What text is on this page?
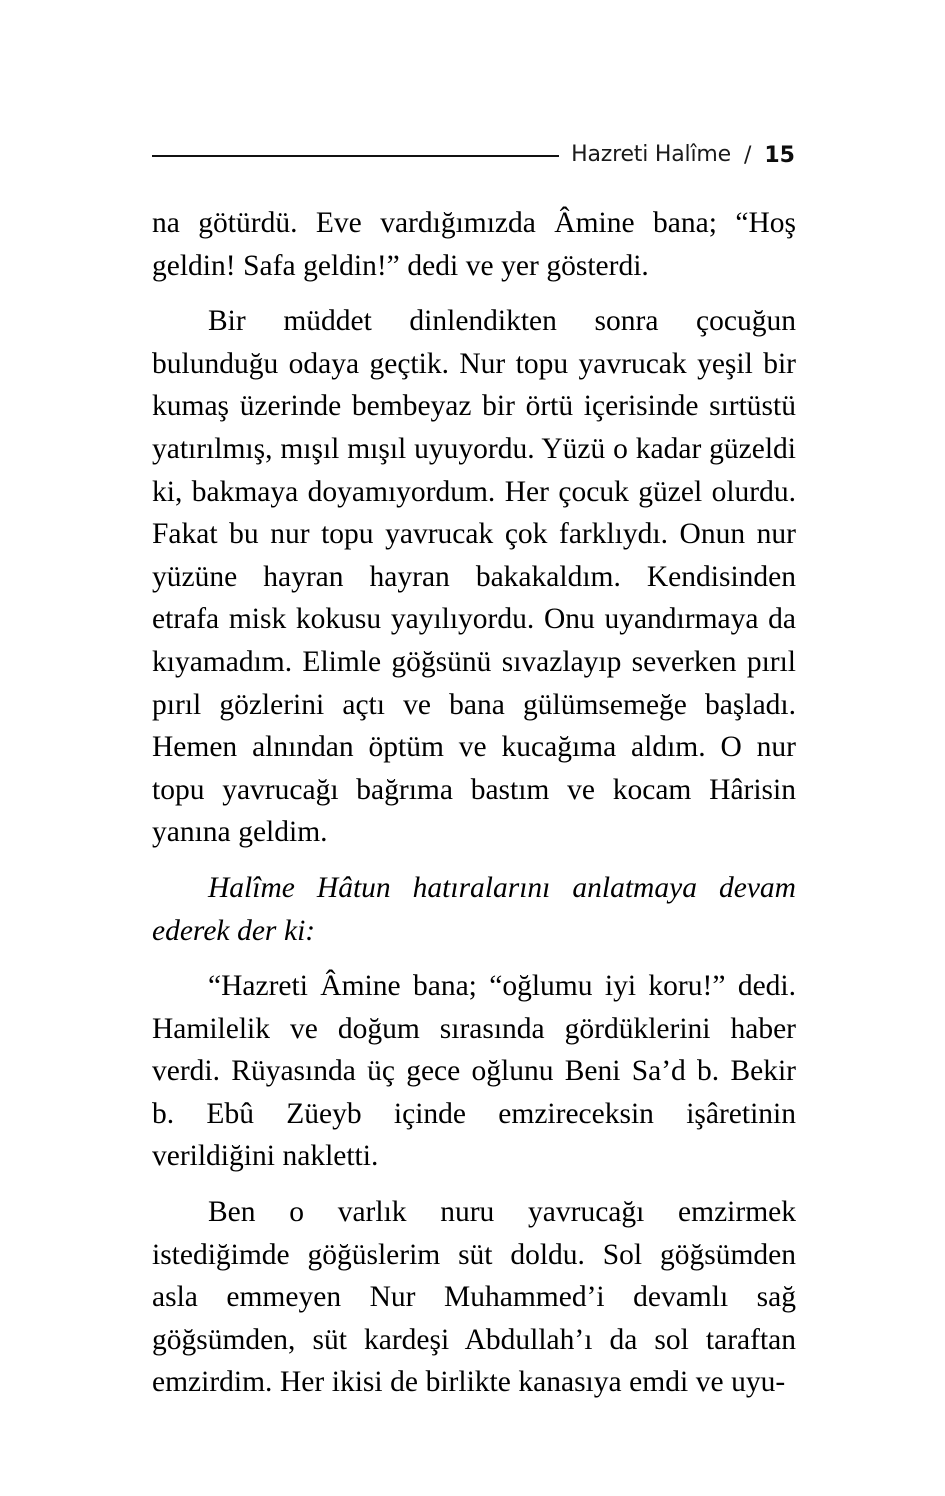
Hazreti Halîme / 15

na götürdü. Eve vardığımızda Âmine bana; “Hoş geldin! Safa geldin!” dedi ve yer gösterdi.

Bir müddet dinlendikten sonra çocuğun bulunduğu odaya geçtik. Nur topu yavrucak yeşil bir kumaş üzerinde bembeyaz bir örtü içerisinde sırtüstü yatırılmış, mışıl mışıl uyuyordu. Yüzü o kadar güzeldi ki, bakmaya doyamıyordum. Her çocuk güzel olurdu. Fakat bu nur topu yavrucak çok farklıydı. Onun nur yüzüne hayran hayran bakakaldım. Kendisinden etrafa misk kokusu yayılıyordu. Onu uyandırmaya da kıyamadım. Elimle göğsünü sıvazlayıp severken pırıl pırıl gözlerini açtı ve bana gülümsemeğe başladı. Hemen alnından öptüm ve kucağıma aldım. O nur topu yavrucağı bağrıma bastım ve kocam Hârisin yanına geldim.

Halîme Hâtun hatıralarını anlatmaya devam ederek der ki:

“Hazreti Âmine bana; “oğlumu iyi koru!” dedi. Hamilelik ve doğum sırasında gördüklerini haber verdi. Rüyasında üç gece oğlunu Beni Sa’d b. Bekir b. Ebû Züeyb içinde emzireceksin işâretinin verildiğini nakletti.

Ben o varlık nuru yavrucağı emzirmek istediğimde göğüslerim süt doldu. Sol göğsümden asla emmeyen Nur Muhammed’i devamlı sağ göğsümden, süt kardeşi Abdullah’ı da sol taraftan emzirdim. Her ikisi de birlikte kanasıya emdi ve uyu-
